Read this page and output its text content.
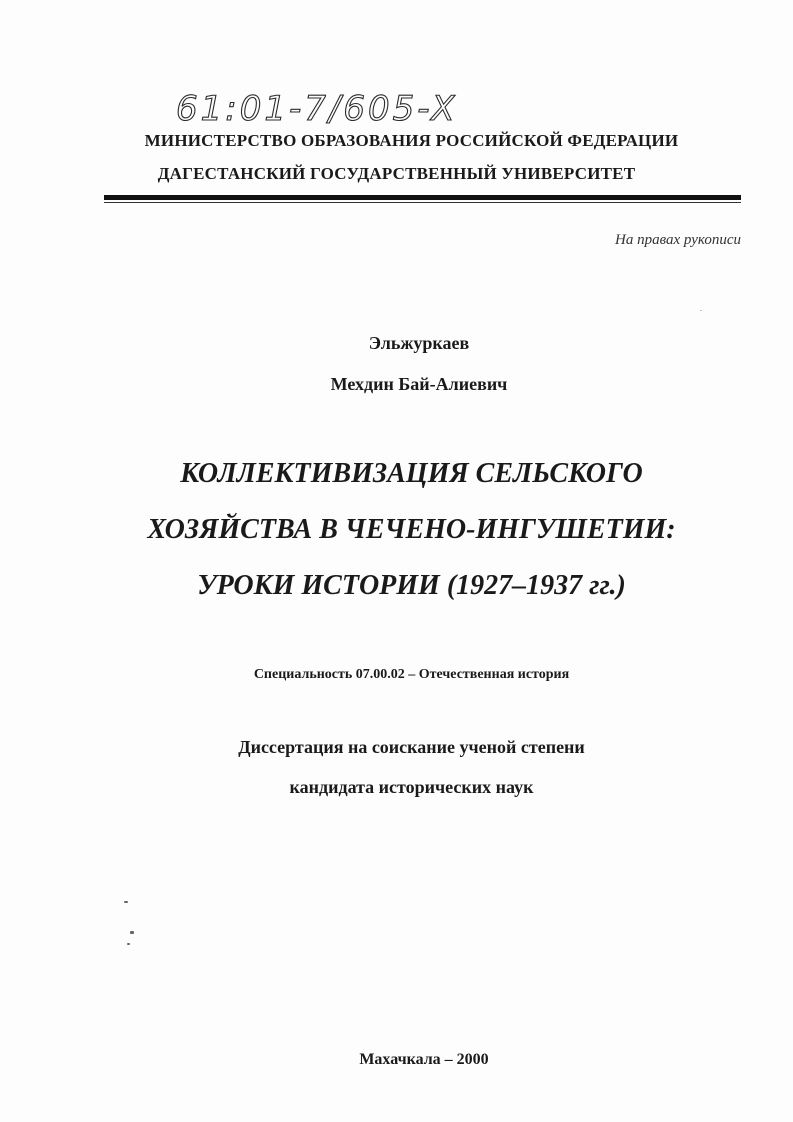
61:01-7/605-X
МИНИСТЕРСТВО ОБРАЗОВАНИЯ РОССИЙСКОЙ ФЕДЕРАЦИИ
ДАГЕСТАНСКИЙ ГОСУДАРСТВЕННЫЙ УНИВЕРСИТЕТ
На правах рукописи
Эльжуркаев
Мехдин Бай-Алиевич
КОЛЛЕКТИВИЗАЦИЯ СЕЛЬСКОГО
ХОЗЯЙСТВА В ЧЕЧЕНО-ИНГУШЕТИИ:
УРОКИ ИСТОРИИ (1927–1937 гг.)
Специальность 07.00.02 – Отечественная история
Диссертация на соискание ученой степени
кандидата исторических наук
Махачкала – 2000
